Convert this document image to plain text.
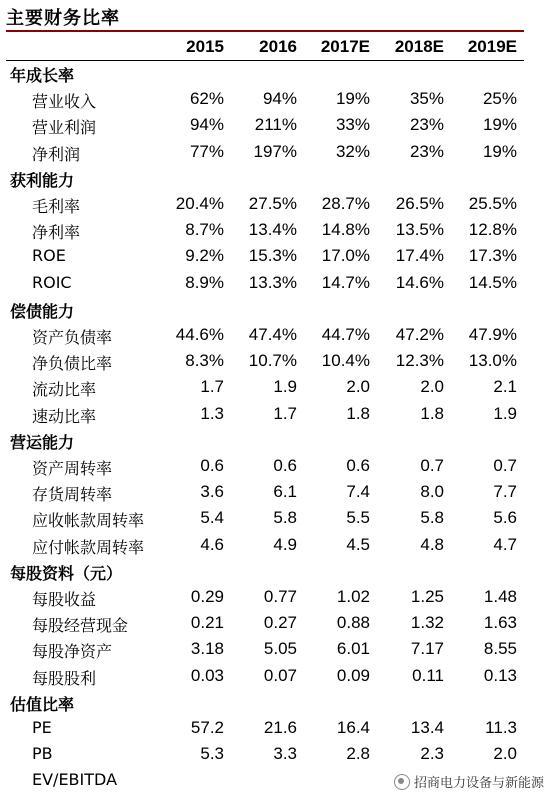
主要财务比率
2015	2016	2017E	2018E	2019E
年成长率
营业收入	62%	94%	19%	35%	25%
营业利润	94%	211%	33%	23%	19%
净利润	77%	197%	32%	23%	19%
获利能力
毛利率	20.4%	27.5%	28.7%	26.5%	25.5%
净利率	8.7%	13.4%	14.8%	13.5%	12.8%
ROE	9.2%	15.3%	17.0%	17.4%	17.3%
ROIC	8.9%	13.3%	14.7%	14.6%	14.5%
偿债能力
资产负债率	44.6%	47.4%	44.7%	47.2%	47.9%
净负债比率	8.3%	10.7%	10.4%	12.3%	13.0%
流动比率	1.7	1.9	2.0	2.0	2.1
速动比率	1.3	1.7	1.8	1.8	1.9
营运能力
资产周转率	0.6	0.6	0.6	0.7	0.7
存货周转率	3.6	6.1	7.4	8.0	7.7
应收帐款周转率	5.4	5.8	5.5	5.8	5.6
应付帐款周转率	4.6	4.9	4.5	4.8	4.7
每股资料（元）
每股收益	0.29	0.77	1.02	1.25	1.48
每股经营现金	0.21	0.27	0.88	1.32	1.63
每股净资产	3.18	5.05	6.01	7.17	8.55
每股股利	0.03	0.07	0.09	0.11	0.13
估值比率
PE	57.2	21.6	16.4	13.4	11.3
PB	5.3	3.3	2.8	2.3	2.0
EV/EBITDA	招商电力设备与新能源
